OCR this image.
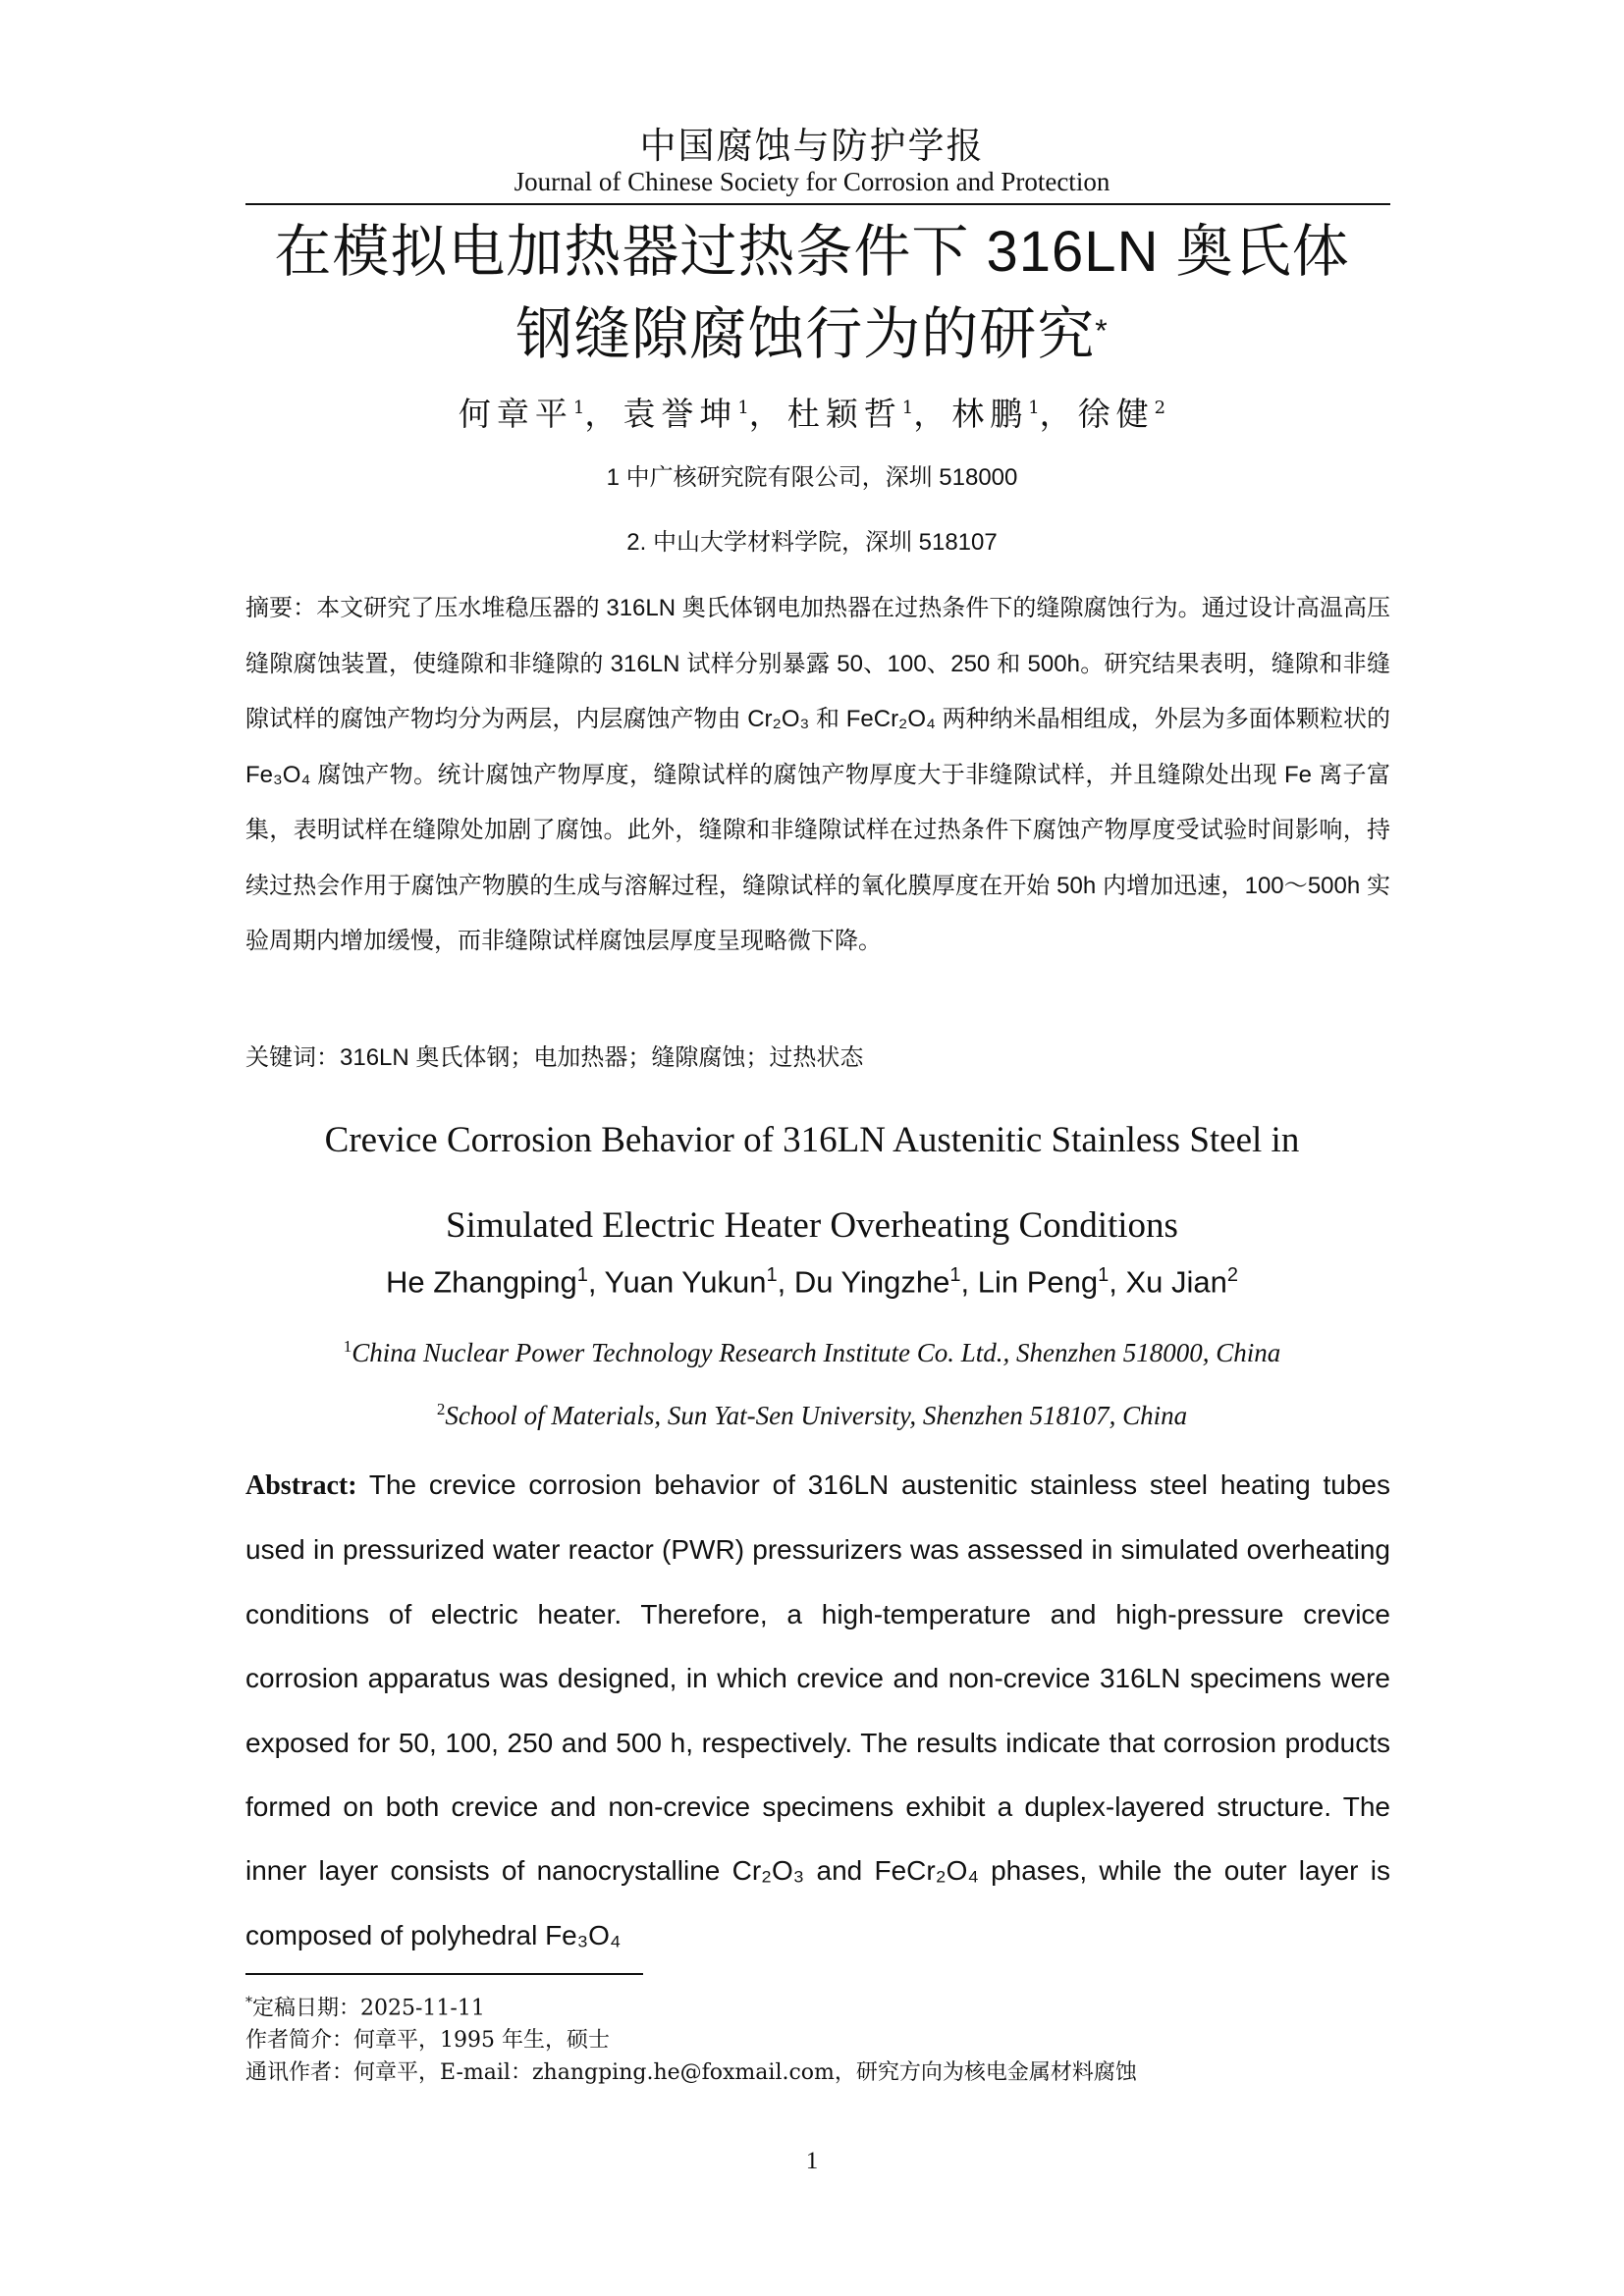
中国腐蚀与防护学报
Journal of Chinese Society for Corrosion and Protection
在模拟电加热器过热条件下 316LN 奥氏体
钢缝隙腐蚀行为的研究*
何章平$^1$，袁誉坤$^1$，杜颖哲$^1$，林鹏$^1$，徐健$^2$
1 中广核研究院有限公司，深圳 518000
2. 中山大学材料学院，深圳 518107
摘要：本文研究了压水堆稳压器的 316LN 奥氏体钢电加热器在过热条件下的缝隙腐蚀行为。通过设计高温高压缝隙腐蚀装置，使缝隙和非缝隙的 316LN 试样分别暴露 50、100、250 和 500h。研究结果表明，缝隙和非缝隙试样的腐蚀产物均分为两层，内层腐蚀产物由 Cr₂O₃ 和 FeCr₂O₄ 两种纳米晶相组成，外层为多面体颗粒状的 Fe₃O₄ 腐蚀产物。统计腐蚀产物厚度，缝隙试样的腐蚀产物厚度大于非缝隙试样，并且缝隙处出现 Fe 离子富集，表明试样在缝隙处加剧了腐蚀。此外，缝隙和非缝隙试样在过热条件下腐蚀产物厚度受试验时间影响，持续过热会作用于腐蚀产物膜的生成与溶解过程，缝隙试样的氧化膜厚度在开始 50h 内增加迅速，100～500h 实验周期内增加缓慢，而非缝隙试样腐蚀层厚度呈现略微下降。
关键词：316LN 奥氏体钢；电加热器；缝隙腐蚀；过热状态
Crevice Corrosion Behavior of 316LN Austenitic Stainless Steel in
Simulated Electric Heater Overheating Conditions
He Zhangping$^1$, Yuan Yukun$^1$, Du Yingzhe$^1$, Lin Peng$^1$, Xu Jian$^2$
$^1$China Nuclear Power Technology Research Institute Co. Ltd., Shenzhen 518000, China
$^2$School of Materials, Sun Yat-Sen University, Shenzhen 518107, China
Abstract: The crevice corrosion behavior of 316LN austenitic stainless steel heating tubes used in pressurized water reactor (PWR) pressurizers was assessed in simulated overheating conditions of electric heater. Therefore, a high-temperature and high-pressure crevice corrosion apparatus was designed, in which crevice and non-crevice 316LN specimens were exposed for 50, 100, 250 and 500 h, respectively. The results indicate that corrosion products formed on both crevice and non-crevice specimens exhibit a duplex-layered structure. The inner layer consists of nanocrystalline Cr₂O₃ and FeCr₂O₄ phases, while the outer layer is composed of polyhedral Fe₃O₄
*定稿日期：2025-11-11
作者简介：何章平，1995 年生，硕士
通讯作者：何章平，E-mail：zhangping.he@foxmail.com，研究方向为核电金属材料腐蚀
1
